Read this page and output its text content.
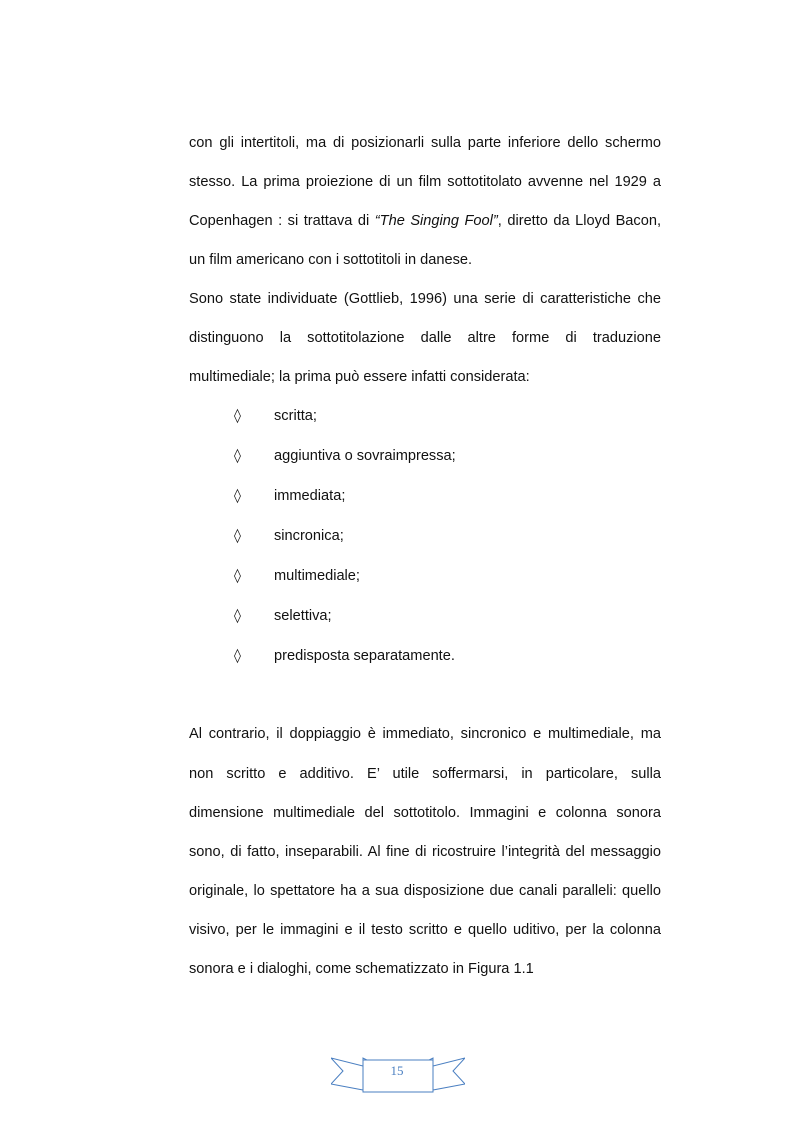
con gli intertitoli, ma di posizionarli sulla parte inferiore dello schermo
stesso. La prima proiezione di un film sottotitolato avvenne nel 1929 a
Copenhagen : si trattava di “The Singing Fool”, diretto da Lloyd Bacon,
un film americano con i sottotitoli in danese.
Sono state individuate (Gottlieb, 1996) una serie di caratteristiche che
distinguono la sottotitolazione dalle altre forme di traduzione
multimediale; la prima può essere infatti considerata:
◊ scritta;
◊ aggiuntiva o sovraimpressa;
◊ immediata;
◊ sincronica;
◊ multimediale;
◊ selettiva;
◊ predisposta separatamente.
Al contrario, il doppiaggio è immediato, sincronico e multimediale, ma
non scritto e additivo. E’ utile soffermarsi, in particolare, sulla
dimensione multimediale del sottotitolo. Immagini e colonna sonora
sono, di fatto, inseparabili. Al fine di ricostruire l’integrità del messaggio
originale, lo spettatore ha a sua disposizione due canali paralleli: quello
visivo, per le immagini e il testo scritto e quello uditivo, per la colonna
sonora e i dialoghi, come schematizzato in Figura 1.1
15
